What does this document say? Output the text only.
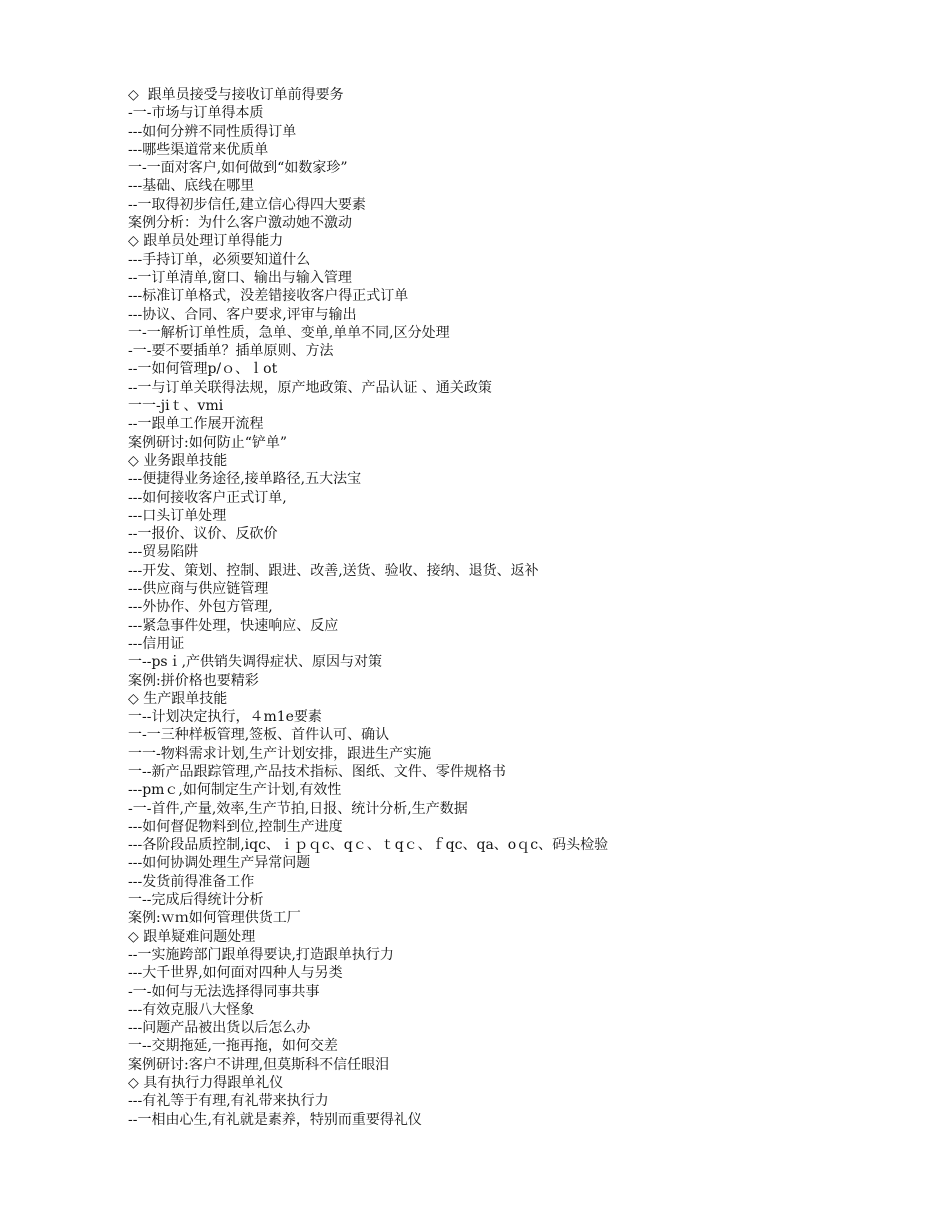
◇  跟单员接受与接收订单前得要务
-一-市场与订单得本质
---如何分辨不同性质得订单
---哪些渠道常来优质单
一-一面对客户,如何做到“如数家珍”
---基础、底线在哪里
--一取得初步信任,建立信心得四大要素
案例分析：为什么客户激动她不激动
◇ 跟单员处理订单得能力
---手持订单，必须要知道什么
--一订单清单,窗口、输出与输入管理
---标准订单格式，没差错接收客户得正式订单
---协议、合同、客户要求,评审与输出
一-一解析订单性质，急单、变单,单单不同,区分处理
-一-要不要插单？插单原则、方法
--一如何管理p/ｏ、ｌot
--一与订单关联得法规，原产地政策、产品认证 、通关政策
一一-jiｔ、vmi
--一跟单工作展开流程
案例研讨:如何防止“铲单”
◇ 业务跟单技能
---便捷得业务途径,接单路径,五大法宝
---如何接收客户正式订单,
---口头订单处理
--一报价、议价、反砍价
---贸易陷阱
---开发、策划、控制、跟进、改善,送货、验收、接纳、退货、返补
---供应商与供应链管理
---外协作、外包方管理,
---紧急事件处理，快速响应、反应
---信用证
一--psｉ,产供销失调得症状、原因与对策
案例:拼价格也要精彩
◇ 生产跟单技能
一--计划决定执行，４m1e要素
一-一三种样板管理,签板、首件认可、确认
一一-物料需求计划,生产计划安排，跟进生产实施
一--新产品跟踪管理,产品技术指标、图纸、文件、零件规格书
---pmｃ,如何制定生产计划,有效性
-一-首件,产量,效率,生产节拍,日报、统计分析,生产数据
---如何督促物料到位,控制生产进度
---各阶段品质控制,iqc、ｉｐｑc、qｃ、ｔqｃ、ｆqc、qa、oｑc、码头检验
---如何协调处理生产异常问题
---发货前得准备工作
一--完成后得统计分析
案例:ｗｍ如何管理供货工厂
◇ 跟单疑难问题处理
--一实施跨部门跟单得要诀,打造跟单执行力
---大千世界,如何面对四种人与另类
-一-如何与无法选择得同事共事
---有效克服八大怪象
---问题产品被出货以后怎么办
一--交期拖延,一拖再拖，如何交差
案例研讨:客户不讲理,但莫斯科不信任眼泪
◇ 具有执行力得跟单礼仪
---有礼等于有理,有礼带来执行力
--一相由心生,有礼就是素养，特别而重要得礼仪
